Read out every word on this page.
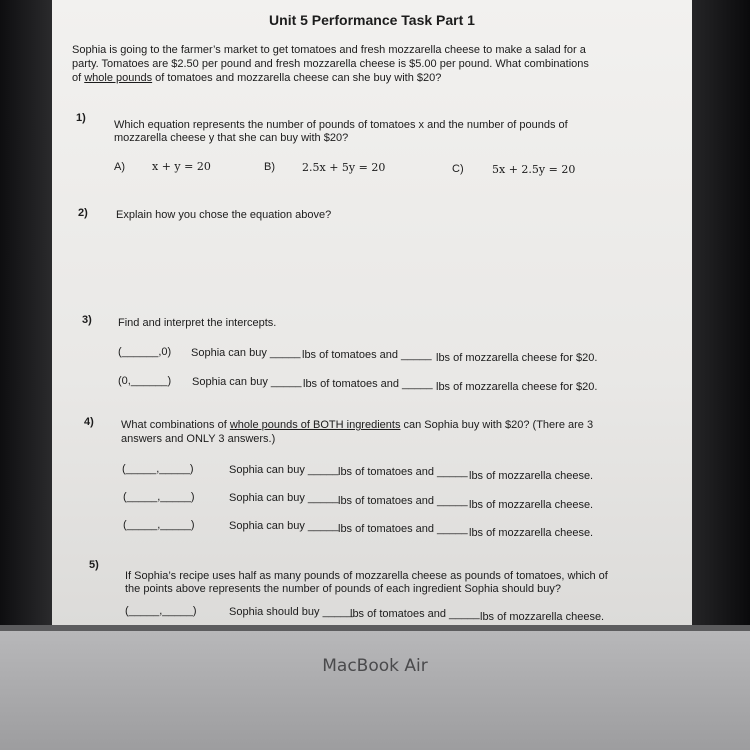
Unit 5 Performance Task Part 1
Sophia is going to the farmer’s market to get tomatoes and fresh mozzarella cheese to make a salad for a
party. Tomatoes are $2.50 per pound and fresh mozzarella cheese is $5.00 per pound. What combinations
of whole pounds of tomatoes and mozzarella cheese can she buy with $20?
1)
Which equation represents the number of pounds of tomatoes x and the number of pounds of
mozzarella cheese y that she can buy with $20?
A) x + y = 20	B) 2.5x + 5y = 20	C)	5x + 2.5y = 20
2)	Explain how you chose the equation above?
3) Find and interpret the intercepts.
(______,0) Sophia can buy _____ lbs of tomatoes and _____ lbs of mozzarella cheese for $20.
(0,______) Sophia can buy _____ lbs of tomatoes and _____ lbs of mozzarella cheese for $20.
4) What combinations of whole pounds of BOTH ingredients can Sophia buy with $20? (There are 3
answers and ONLY 3 answers.)
(_____,_____)	Sophia can buy _____ lbs of tomatoes and _____ lbs of mozzarella cheese.
(_____,_____)	Sophia can buy _____ lbs of tomatoes and _____ lbs of mozzarella cheese.
(_____,_____)	Sophia can buy _____ lbs of tomatoes and _____ lbs of mozzarella cheese.
5)
If Sophia’s recipe uses half as many pounds of mozzarella cheese as pounds of tomatoes, which of
the points above represents the number of pounds of each ingredient Sophia should buy?
(_____,_____)	Sophia should buy _____
lbs of tomatoes and _____ lbs of mozzarella cheese.
MacBook Air
